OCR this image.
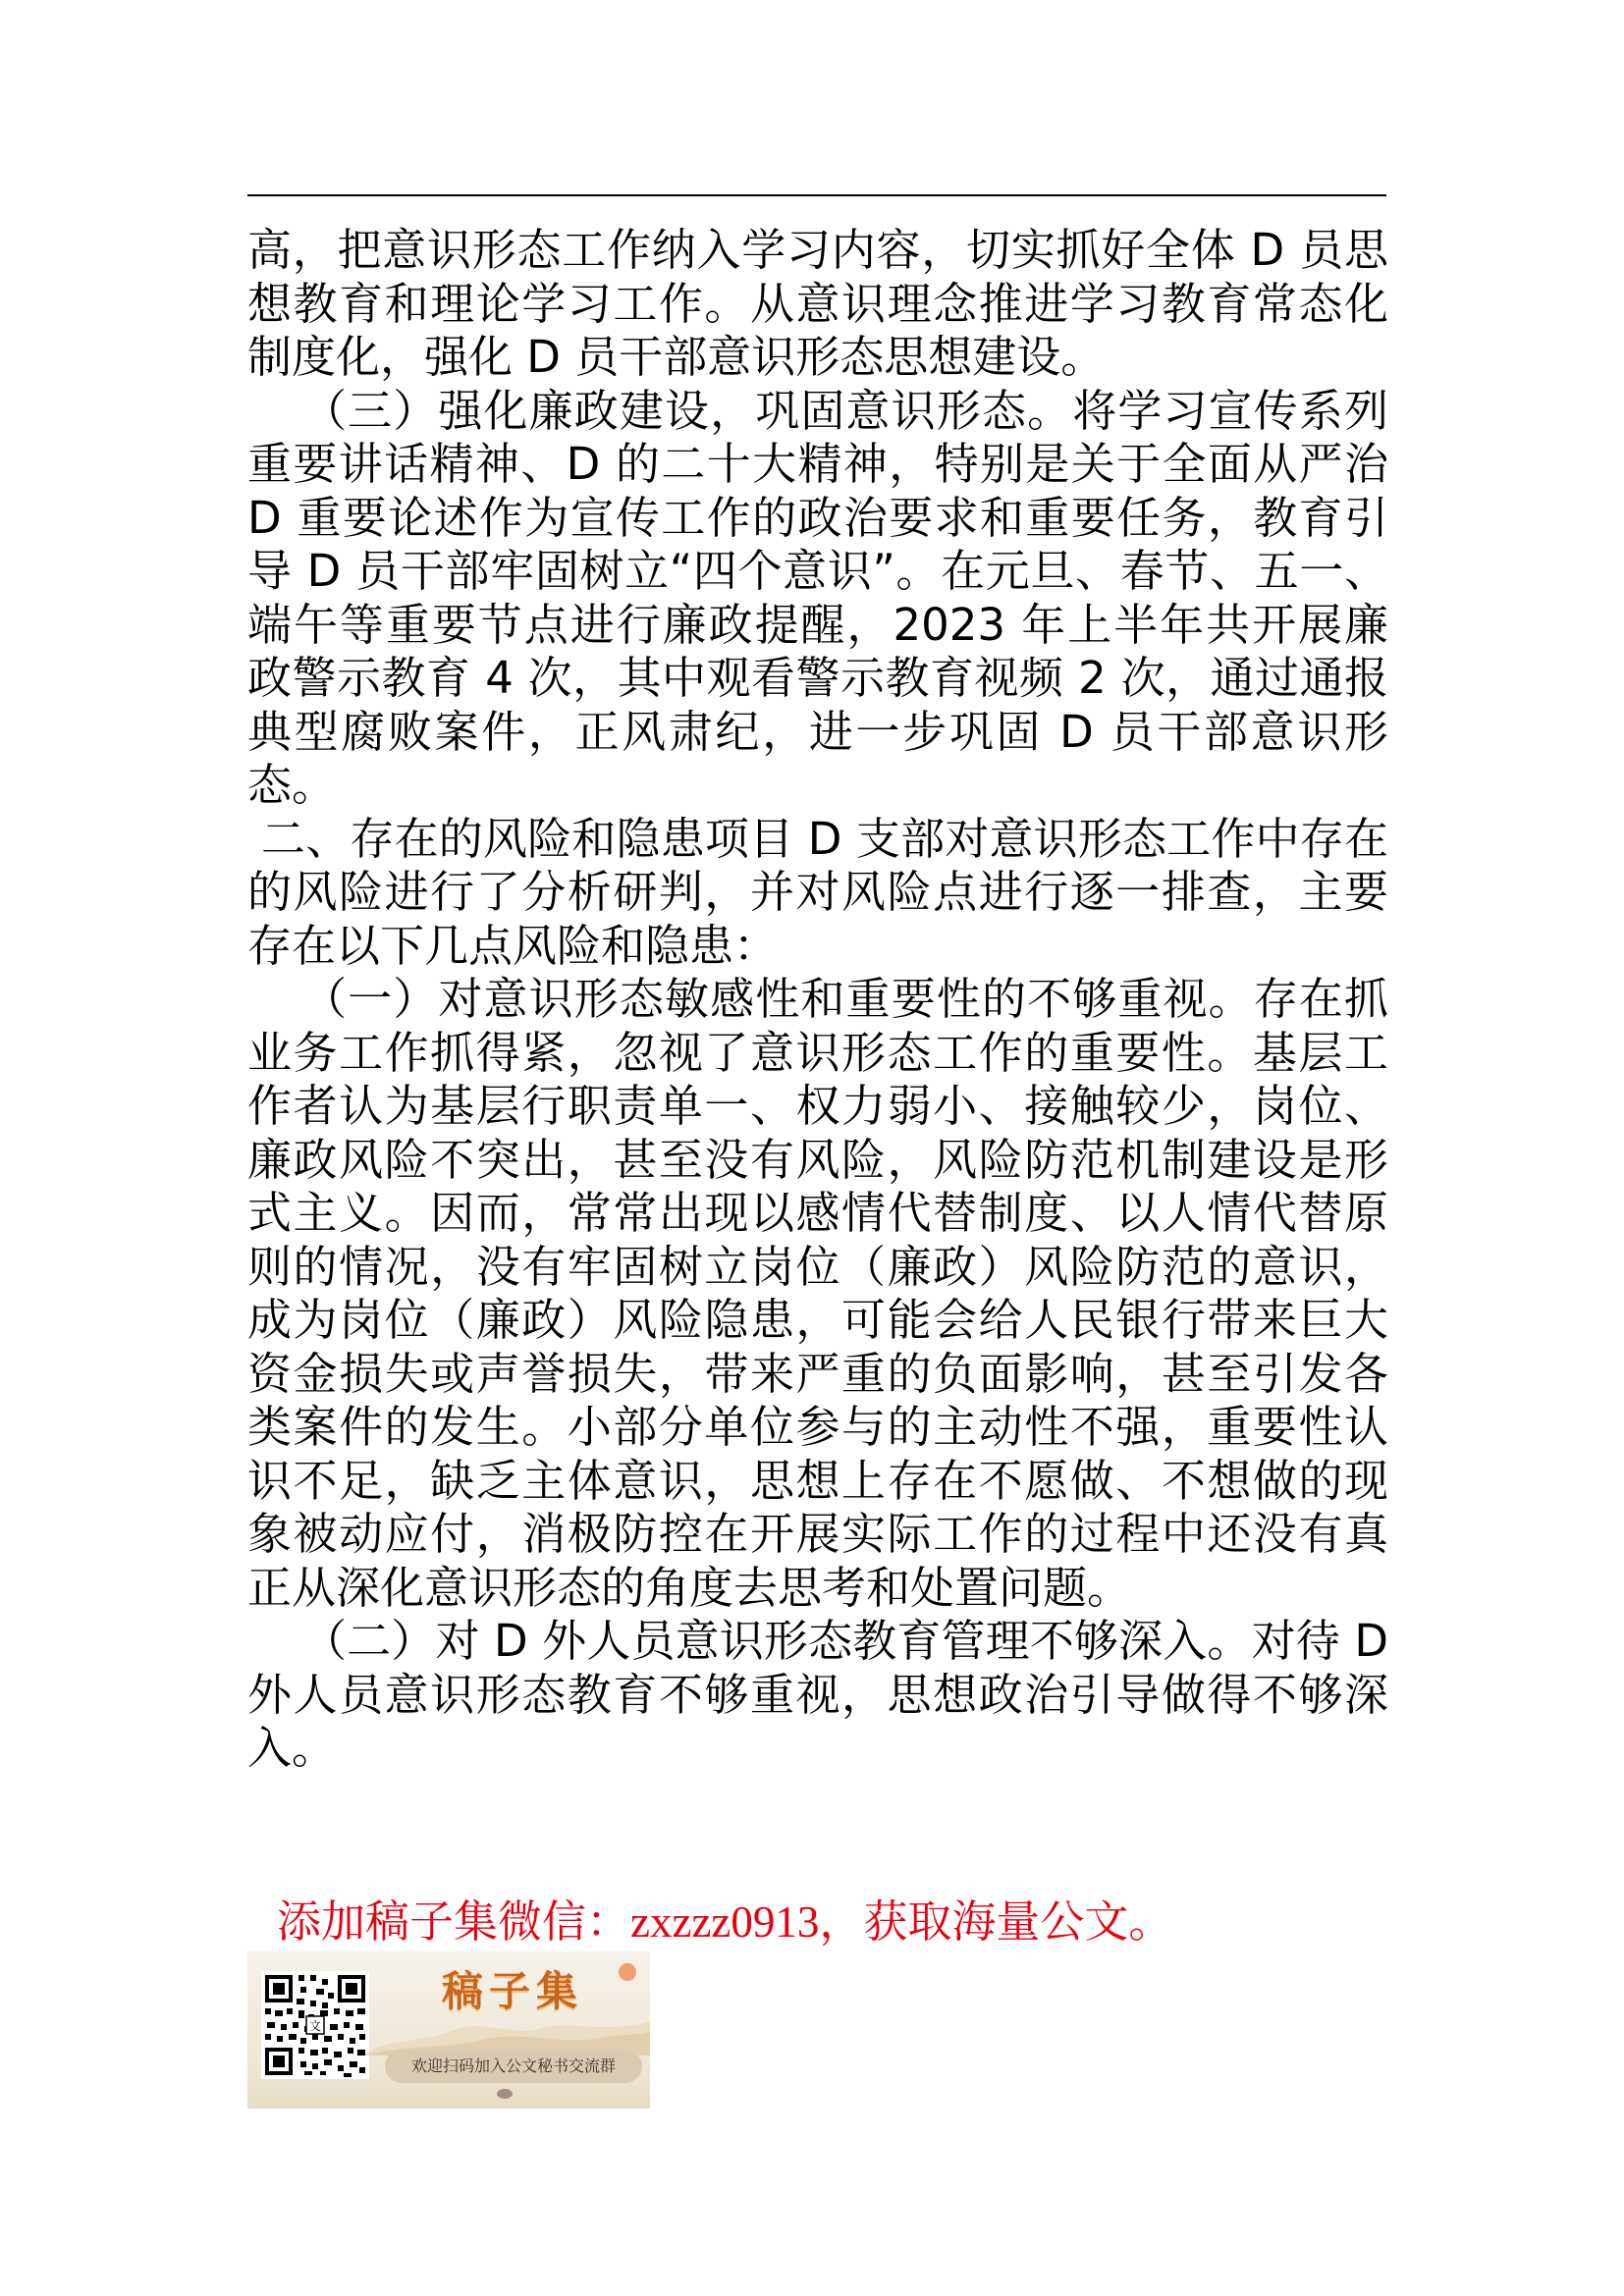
高，把意识形态工作纳入学习内容，切实抓好全体 D 员思想教育和理论学习工作。从意识理念推进学习教育常态化制度化，强化 D 员干部意识形态思想建设。

（三）强化廉政建设，巩固意识形态。将学习宣传系列重要讲话精神、D 的二十大精神，特别是关于全面从严治 D 重要论述作为宣传工作的政治要求和重要任务，教育引导 D 员干部牢固树立“四个意识”。在元旦、春节、五一、端午等重要节点进行廉政提醒，2023 年上半年共开展廉政警示教育 4 次，其中观看警示教育视频 2 次，通过通报典型腐败案件，正风肃纪，进一步巩固 D 员干部意识形态。

二、存在的风险和隐患项目 D 支部对意识形态工作中存在的风险进行了分析研判，并对风险点进行逐一排查，主要存在以下几点风险和隐患：

（一）对意识形态敏感性和重要性的不够重视。存在抓业务工作抓得紧，忽视了意识形态工作的重要性。基层工作者认为基层行职责单一、权力弱小、接触较少，岗位、廉政风险不突出，甚至没有风险，风险防范机制建设是形式主义。因而，常常出现以感情代替制度、以人情代替原则的情况，没有牢固树立岗位（廉政）风险防范的意识，成为岗位（廉政）风险隐患，可能会给人民银行带来巨大资金损失或声誉损失，带来严重的负面影响，甚至引发各类案件的发生。小部分单位参与的主动性不强，重要性认识不足，缺乏主体意识，思想上存在不愿做、不想做的现象被动应付，消极防控在开展实际工作的过程中还没有真正从深化意识形态的角度去思考和处置问题。

（二）对 D 外人员意识形态教育管理不够深入。对待 D 外人员意识形态教育不够重视，思想政治引导做得不够深入。

添加稿子集微信：zxzzz0913，获取海量公文。
文
稿子集
欢迎扫码加入公文秘书交流群
